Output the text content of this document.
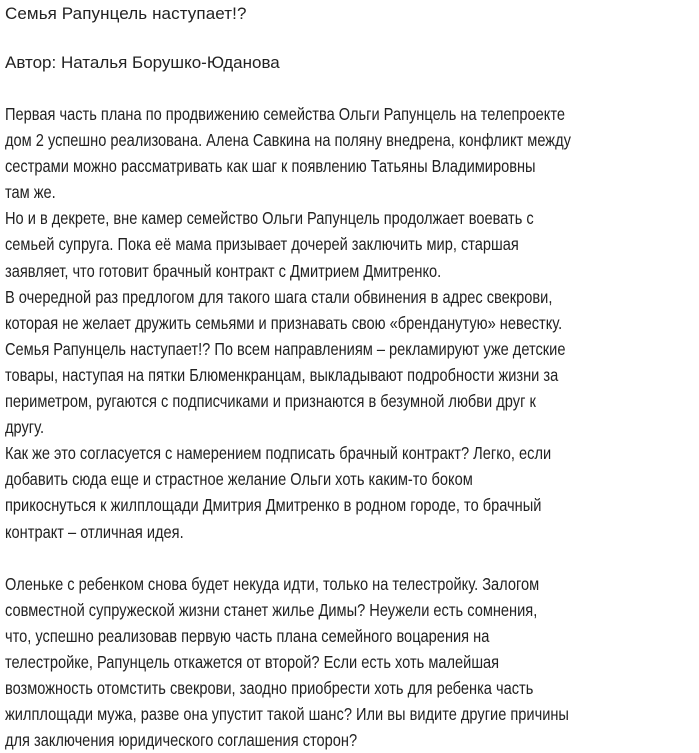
Семья Рапунцель наступает!?
Автор: Наталья Борушко-Юданова
Первая часть плана по продвижению семейства Ольги Рапунцель на телепроекте
дом 2 успешно реализована. Алена Савкина на поляну внедрена, конфликт между
сестрами можно рассматривать как шаг к появлению Татьяны Владимировны
там же.
Но и в декрете, вне камер семейство Ольги Рапунцель продолжает воевать с
семьей супруга. Пока её мама призывает дочерей заключить мир, старшая
заявляет, что готовит брачный контракт с Дмитрием Дмитренко.
В очередной раз предлогом для такого шага стали обвинения в адрес свекрови,
которая не желает дружить семьями и признавать свою «бренданутую» невестку.
Семья Рапунцель наступает!? По всем направлениям – рекламируют уже детские
товары, наступая на пятки Блюменкранцам, выкладывают подробности жизни за
периметром, ругаются с подписчиками и признаются в безумной любви друг к
другу.
Как же это согласуется с намерением подписать брачный контракт? Легко, если
добавить сюда еще и страстное желание Ольги хоть каким-то боком
прикоснуться к жилплощади Дмитрия Дмитренко в родном городе, то брачный
контракт – отличная идея.
Оленьке с ребенком снова будет некуда идти, только на телестройку. Залогом
совместной супружеской жизни станет жилье Димы? Неужели есть сомнения,
что, успешно реализовав первую часть плана семейного воцарения на
телестройке, Рапунцель откажется от второй? Если есть хоть малейшая
возможность отомстить свекрови, заодно приобрести хоть для ребенка часть
жилплощади мужа, разве она упустит такой шанс? Или вы видите другие причины
для заключения юридического соглашения сторон?
